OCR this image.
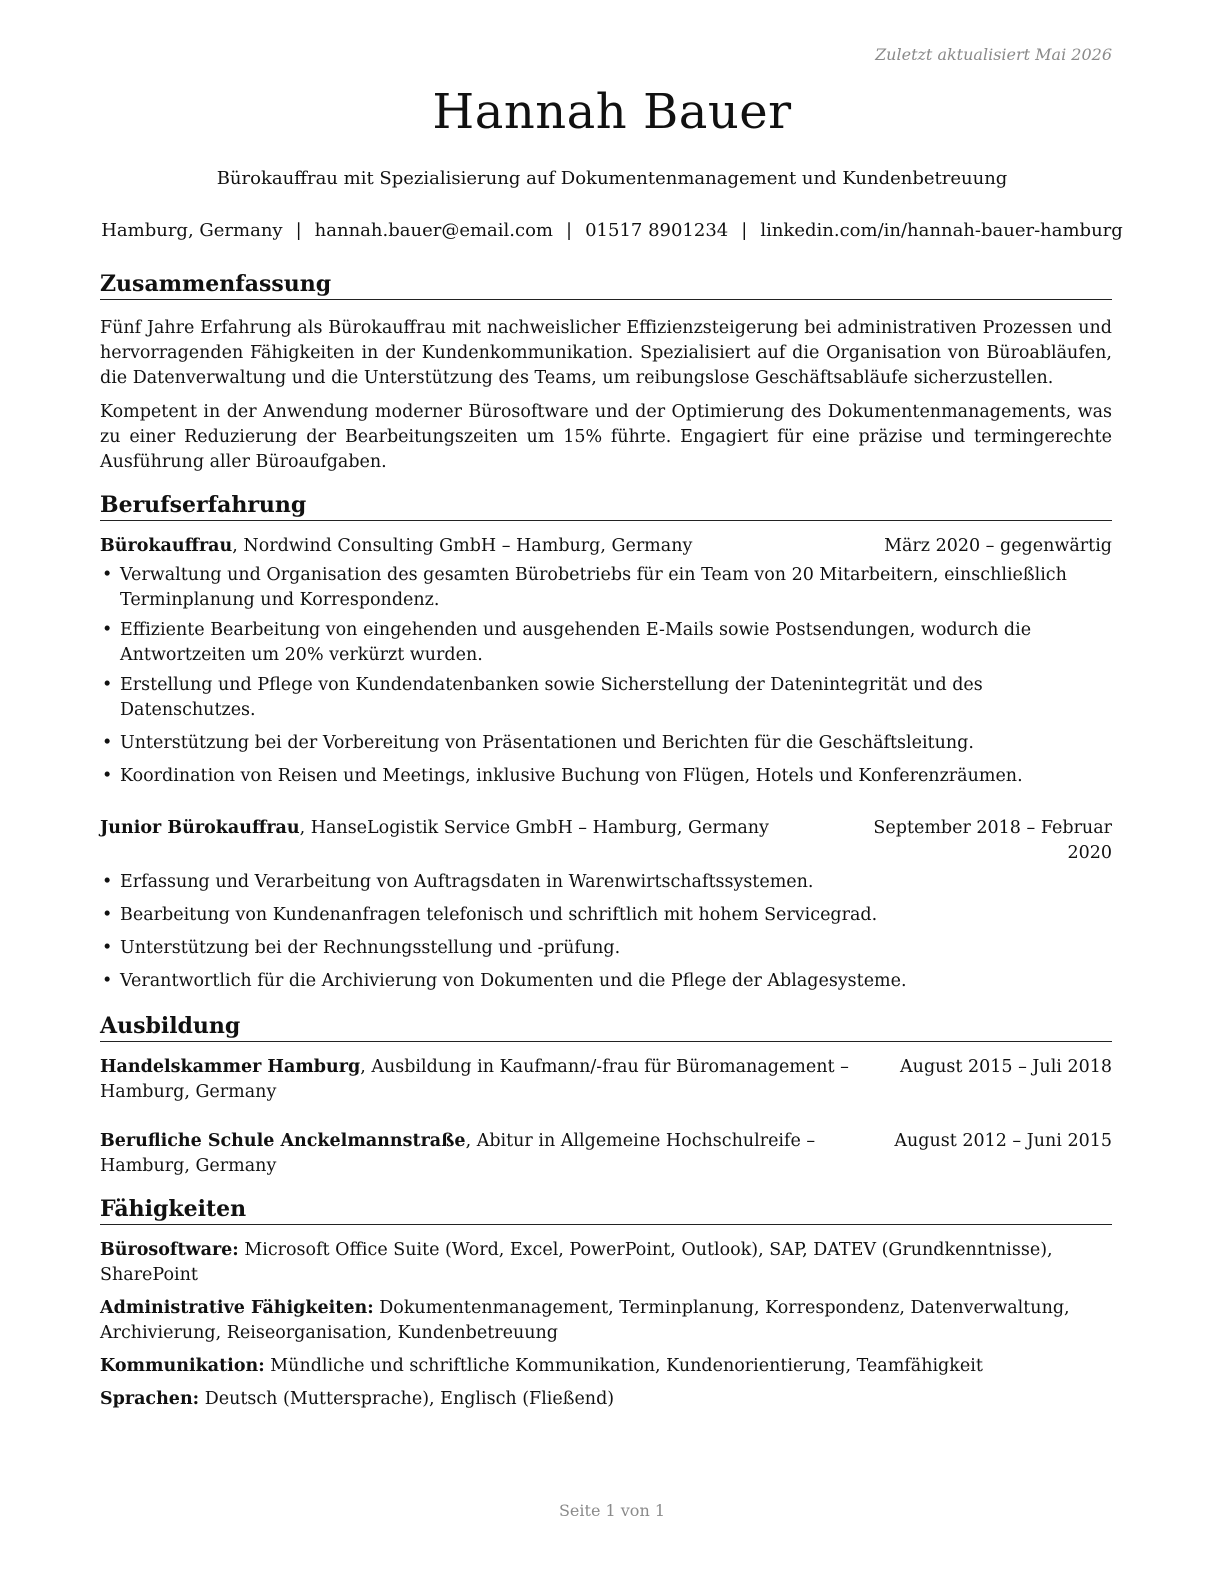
Zuletzt aktualisiert Mai 2026
Hannah Bauer
Bürokauffrau mit Spezialisierung auf Dokumentenmanagement und Kundenbetreuung
Hamburg, Germany | hannah.bauer@email.com | 01517 8901234 | linkedin.com/in/hannah-bauer-hamburg
Zusammenfassung

Fünf Jahre Erfahrung als Bürokauffrau mit nachweislicher Effizienzsteigerung bei administrativen Prozessen und hervorragenden Fähigkeiten in der Kundenkommunikation. Spezialisiert auf die Organisation von Büroabläufen, die Datenverwaltung und die Unterstützung des Teams, um reibungslose Geschäftsabläufe sicherzustellen.

Kompetent in der Anwendung moderner Bürosoftware und der Optimierung des Dokumentenmanagements, was zu einer Reduzierung der Bearbeitungszeiten um 15% führte. Engagiert für eine präzise und termingerechte Ausführung aller Büroaufgaben.

Berufserfahrung
Bürokauffrau, Nordwind Consulting GmbH – Hamburg, Germany	März 2020 – gegenwärtig
• Verwaltung und Organisation des gesamten Bürobetriebs für ein Team von 20 Mitarbeitern, einschließlich Terminplanung und Korrespondenz.
• Effiziente Bearbeitung von eingehenden und ausgehenden E-Mails sowie Postsendungen, wodurch die Antwortzeiten um 20% verkürzt wurden.
• Erstellung und Pflege von Kundendatenbanken sowie Sicherstellung der Datenintegrität und des Datenschutzes.
• Unterstützung bei der Vorbereitung von Präsentationen und Berichten für die Geschäftsleitung.
• Koordination von Reisen und Meetings, inklusive Buchung von Flügen, Hotels und Konferenzräumen.
Junior Bürokauffrau, HanseLogistik Service GmbH – Hamburg, Germany	September 2018 – Februar 2020
• Erfassung und Verarbeitung von Auftragsdaten in Warenwirtschaftssystemen.
• Bearbeitung von Kundenanfragen telefonisch und schriftlich mit hohem Servicegrad.
• Unterstützung bei der Rechnungsstellung und -prüfung.
• Verantwortlich für die Archivierung von Dokumenten und die Pflege der Ablagesysteme.
Ausbildung
Handelskammer Hamburg, Ausbildung in Kaufmann/-frau für Büromanagement – Hamburg, Germany
August 2015 – Juli 2018
Berufliche Schule Anckelmannstraße, Abitur in Allgemeine Hochschulreife – Hamburg, Germany
August 2012 – Juni 2015
Fähigkeiten
Bürosoftware: Microsoft Office Suite (Word, Excel, PowerPoint, Outlook), SAP, DATEV (Grundkenntnisse), SharePoint
Administrative Fähigkeiten: Dokumentenmanagement, Terminplanung, Korrespondenz, Datenverwaltung, Archivierung, Reiseorganisation, Kundenbetreuung
Kommunikation: Mündliche und schriftliche Kommunikation, Kundenorientierung, Teamfähigkeit
Sprachen: Deutsch (Muttersprache), Englisch (Fließend)
Seite 1 von 1
